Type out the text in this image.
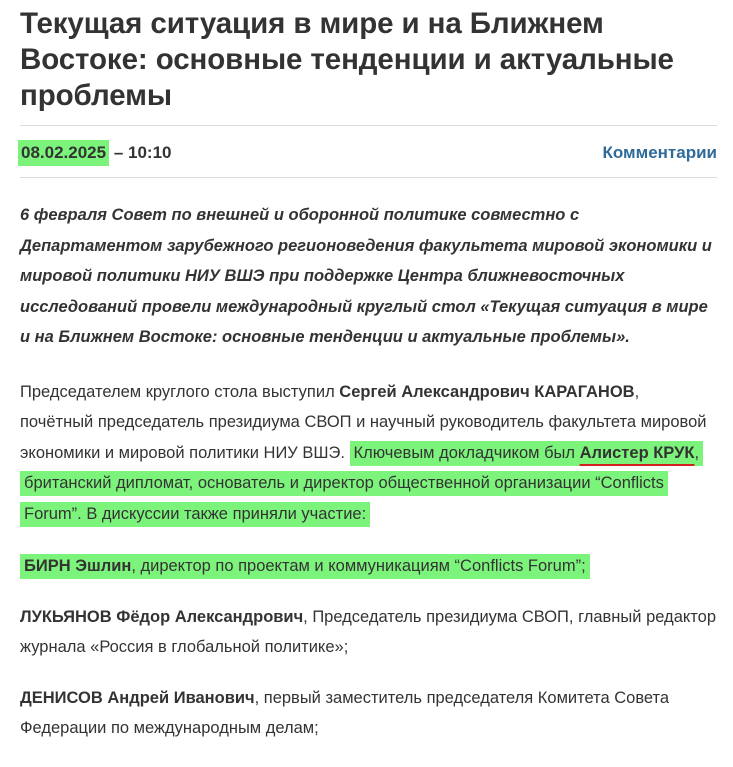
Текущая ситуация в мире и на Ближнем Востоке: основные тенденции и актуальные проблемы
08.02.2025 – 10:10	Комментарии

6 февраля Совет по внешней и оборонной политике совместно с Департаментом зарубежного регионоведения факультета мировой экономики и мировой политики НИУ ВШЭ при поддержке Центра ближневосточных исследований провели международный круглый стол «Текущая ситуация в мире и на Ближнем Востоке: основные тенденции и актуальные проблемы».

Председателем круглого стола выступил Сергей Александрович КАРАГАНОВ, почётный председатель президиума СВОП и научный руководитель факультета мировой экономики и мировой политики НИУ ВШЭ. Ключевым докладчиком был Алистер КРУК, британский дипломат, основатель и директор общественной организации “Conflicts Forum”. В дискуссии также приняли участие:

БИРН Эшлин, директор по проектам и коммуникациям “Conflicts Forum”;

ЛУКЬЯНОВ Фёдор Александрович, Председатель президиума СВОП, главный редактор журнала «Россия в глобальной политике»;

ДЕНИСОВ Андрей Иванович, первый заместитель председателя Комитета Совета Федерации по международным делам;
